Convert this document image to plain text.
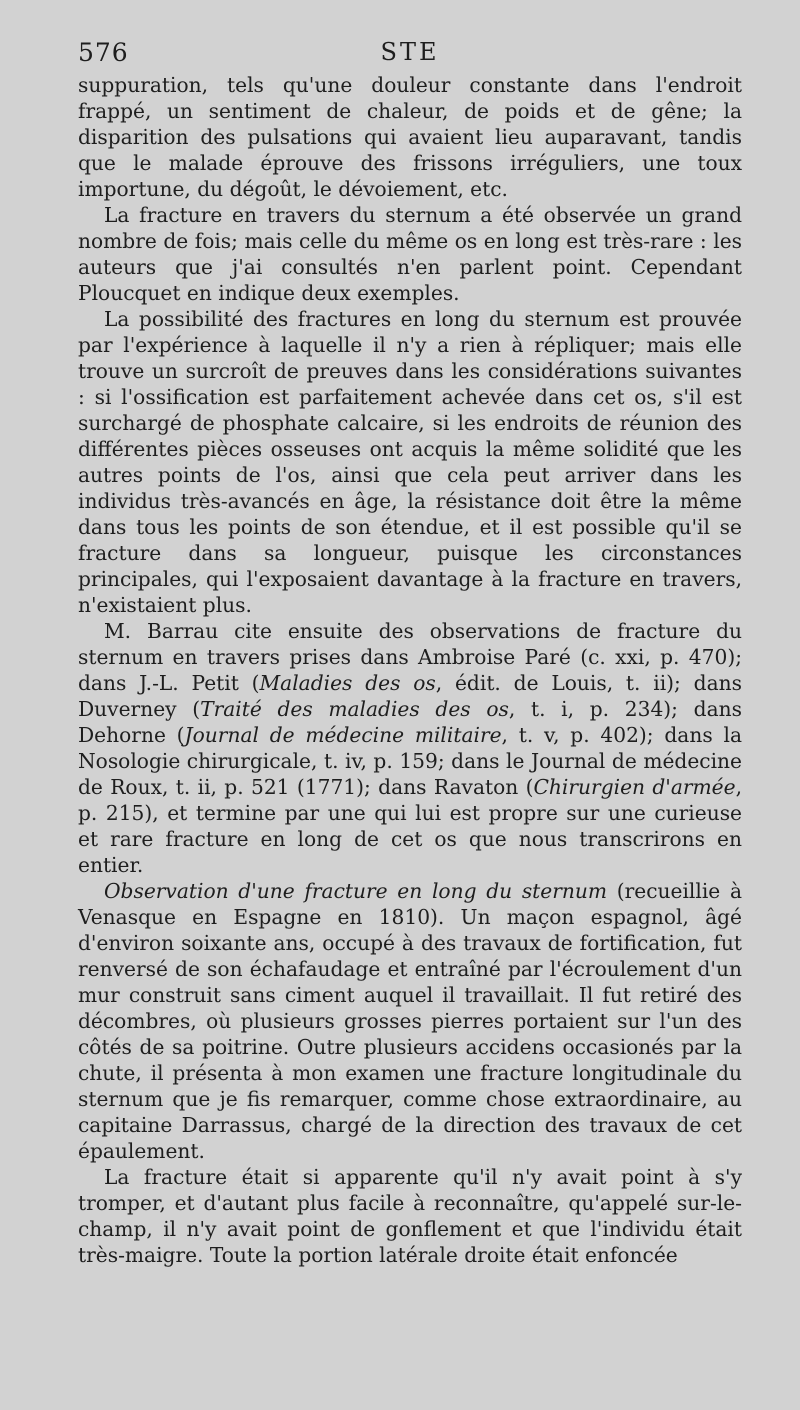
576	STE

suppuration, tels qu'une douleur constante dans l'endroit frappé, un sentiment de chaleur, de poids et de gêne; la disparition des pulsations qui avaient lieu auparavant, tandis que le malade éprouve des frissons irréguliers, une toux importune, du dégoût, le dévoiement, etc.

La fracture en travers du sternum a été observée un grand nombre de fois; mais celle du même os en long est très-rare : les auteurs que j'ai consultés n'en parlent point. Cependant Ploucquet en indique deux exemples.

La possibilité des fractures en long du sternum est prouvée par l'expérience à laquelle il n'y a rien à répliquer; mais elle trouve un surcroît de preuves dans les considérations suivantes : si l'ossification est parfaitement achevée dans cet os, s'il est surchargé de phosphate calcaire, si les endroits de réunion des différentes pièces osseuses ont acquis la même solidité que les autres points de l'os, ainsi que cela peut arriver dans les individus très-avancés en âge, la résistance doit être la même dans tous les points de son étendue, et il est possible qu'il se fracture dans sa longueur, puisque les circonstances principales, qui l'exposaient davantage à la fracture en travers, n'existaient plus.

M. Barrau cite ensuite des observations de fracture du sternum en travers prises dans Ambroise Paré (c. xxi, p. 470); dans J.-L. Petit (Maladies des os, édit. de Louis, t. ii); dans Duverney (Traité des maladies des os, t. i, p. 234); dans Dehorne (Journal de médecine militaire, t. v, p. 402); dans la Nosologie chirurgicale, t. iv, p. 159; dans le Journal de médecine de Roux, t. ii, p. 521 (1771); dans Ravaton (Chirurgien d'armée, p. 215), et termine par une qui lui est propre sur une curieuse et rare fracture en long de cet os que nous transcrirons en entier.

Observation d'une fracture en long du sternum (recueillie à Venasque en Espagne en 1810). Un maçon espagnol, âgé d'environ soixante ans, occupé à des travaux de fortification, fut renversé de son échafaudage et entraîné par l'écroulement d'un mur construit sans ciment auquel il travaillait. Il fut retiré des décombres, où plusieurs grosses pierres portaient sur l'un des côtés de sa poitrine. Outre plusieurs accidens occasionés par la chute, il présenta à mon examen une fracture longitudinale du sternum que je fis remarquer, comme chose extraordinaire, au capitaine Darrassus, chargé de la direction des travaux de cet épaulement.

La fracture était si apparente qu'il n'y avait point à s'y tromper, et d'autant plus facile à reconnaître, qu'appelé sur-le-champ, il n'y avait point de gonflement et que l'individu était très-maigre. Toute la portion latérale droite était enfoncée
